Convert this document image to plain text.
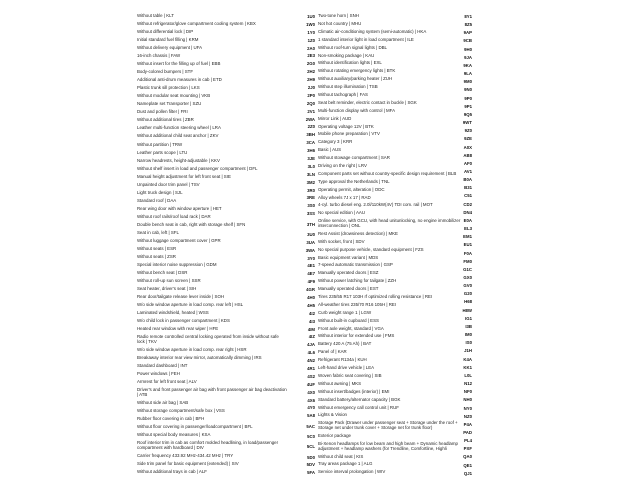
Without table | KLT
Without refrigerator/glove compartment cooling system | KBX
Without differential lock | DIP
Initial standard fuel filling | KRM
Without delivery equipment | UFA
16-inch chassis | FAW
Without insert for the filling up of fuel | EBB
Body-colored bumpers | STF
Additional anti-drum measures in cab | ETD
Plastic trunk sill protection | LKS
Without modular seat mounting | VKB
Nameplate set Transporter | SZU
Dust and pollen filter | FRI
Without additional tires | ZBR
Leather multi-function steering wheel | LRA
Without additional child seat anchor | ZKV
Without partition | TRW
Leather parts scope | LTU
Narrow headrests, height-adjustable | KKV
Without shelf insert in load and passenger compartment | DFL
Manual height adjustment for left front seat | SIE
Unpainted door trim panel | TSV
Light truck design | SJL
Standard roof | DAA
Rear wing door with window aperture | HET
Without roof rails/roof load rack | DAR
Double bench seat in cab, right with storage shelf | SFN
Seat in cab, left | SFL
Without luggage compartment cover | GPR
Without seats | ESR
Without seats | ZSR
Special interior noise suppression | GDM
Without bench seat | DSR
Without roll-up sun screen | SSR
Seat heater, driver's seat | SIH
Rear door/tailgate release lever inside | SOH
W/o side window aperture in load comp. rear left | HSL
Laminated windshield, heated | WSS
W/o child lock in passenger compartment | KDS
Heated rear window with rear wiper | HFE
Radio remote controlled central locking operated from inside without safe lock | TKV
W/o side window aperture in load comp. rear right | HSR
Breakaway interior rear view mirror, automatically dimming | IRS
Standard dashboard | INT
Power windows | FEH
Armrest for left front seat | ALV
Driver's and front passenger air bag with front passenger air bag deactivation | ATB
Without side air bag | SAB
Without storage compartment/safe box | VSS
Rubber floor covering in cab | BFH
Without floor covering in passenger/loadcompartment | BFL
Without special body measures | KSA
Roof interior trim in cab as comfort molded headlining, in load/passenger compartment with hardboard | DIV
Carrier frequency 433.92 MHz-434.42 MHz | TRY
Side trim panel for basic equipment (extended) | SIV
Without additional trays in cab | ALF
1U0 Two-tone horn | SNH
1W0 Not hot country | MHU
1Y0 Climatic air-conditioning system (semi-automatic) | HKA
1Z0 1 standard interior light in load compartment | ILE
2A0 Without roof-turn signal lights | DBL
2E3 Non-smoking package | KAU
2G0 Without identification lights | EXL
2H2 Without rotating emergency lights | BTK
2H9 Without auxiliary/parking heater | ZUH
2J0 Without step illumination | TSB
2P0 Without tachograph | FAS
2Q0 Seat belt reminder, electric contact in buckle | SGK
2V1 Multi-function display with control | MFA
2WA Mirror Link | AUD
2Z0 Operating voltage 12V | BTK
3BH Mobile phone preparation | VTV
3CA Category 3 | KRR
3H6 Basic | AUS
3JE Without stowage compartment | SAR
3L0 Driving on the right | LRV
3LN Component parts set without country-specific design requirement | BLB
3M2 Type approval the Netherlands | TNL
3R0 Operating permit, alteration | ODC
3RE Alloy wheels 7J x 17 | RAD
3S0 4-cyl. turbo diesel eng. 2.0l/110kW(4V) TDI com. rail | MOT
3SS No special edition | AAU
3TH
Online service, with GCU, with head unitunlocking, no engine immobilizer interconnection | ONL
3U0 Rest Assist (drowsiness detection) | MKE
3UA With socket, front | SDV
3WA No special purpose vehicle, standard equipment | FZS
3Y0 Basic equipment variant | MDS
4E1 7-speed automatic transmission | GSP
4E7 Manually operated doors | ESZ
4F9 Without power latching for tailgate | ZZH
4GR Manually operated doors | EST
4H0 Tires 235/55 R17 103H rf optimized rolling resistance | REI
4H5 All-weather tires 235/70 R16 105H | REI
4I2 Curb weight range 1 | LGW
4I3 Without built-in cupboard | ESS
4IM Front axle weight, standard | VGA
4IZ Without interior for extended use | FMS
4JA Battery 420 A (75 Ah) | BAT
4L6 Panel of | KAR
4N2 Refrigerant R134a | KUH
4R1 Left-hand drive vehicle | LEA
4S2 Woven fabric seat covering | SIB
4UF Without awning | MKS
4X0 Without insert/badges (interior) | EMI
4X6 Standard battery/alternator capacity | BGK
4Y0 Without emergency call control unit | RUF
5A8 Lights & Vision
5AC
Storage Pack (Drawer under passenger seat + Storage under the roof + Storage net under trunk cover + Storage net for trunk floor)
5C0 Exterior package
5CL
Bi-Xenon headlamps for low beam and high beam + Dynamic headlamp adjustment + headlamp washers (for Trendline, Comfortline, Highli
5D0 Without child seat | KIS
5DV Tray areas package 1 | ALG
5FA Service interval prolongation | WIV
8Y1
8Z5
9AP
9CB
9H0
9JA
9KA
9LA
9M0
9N0
9P0
9P1
9Q5
9WT
9Z0
9ZE
A0X
AB8
AF0
AV1
B0A
B31
C51
CD2
DN4
E0A
EL3
EM1
EU1
F0A
FM0
G1C
GX0
GV0
G20
H68
H8W
IG1
I3B
IM0
IS0
J1H
K4A
KK1
L0L
N12
NF0
NH0
NY0
NZ0
P4A
PAD
PL4
PXF
QA0
QE1
QJ1
